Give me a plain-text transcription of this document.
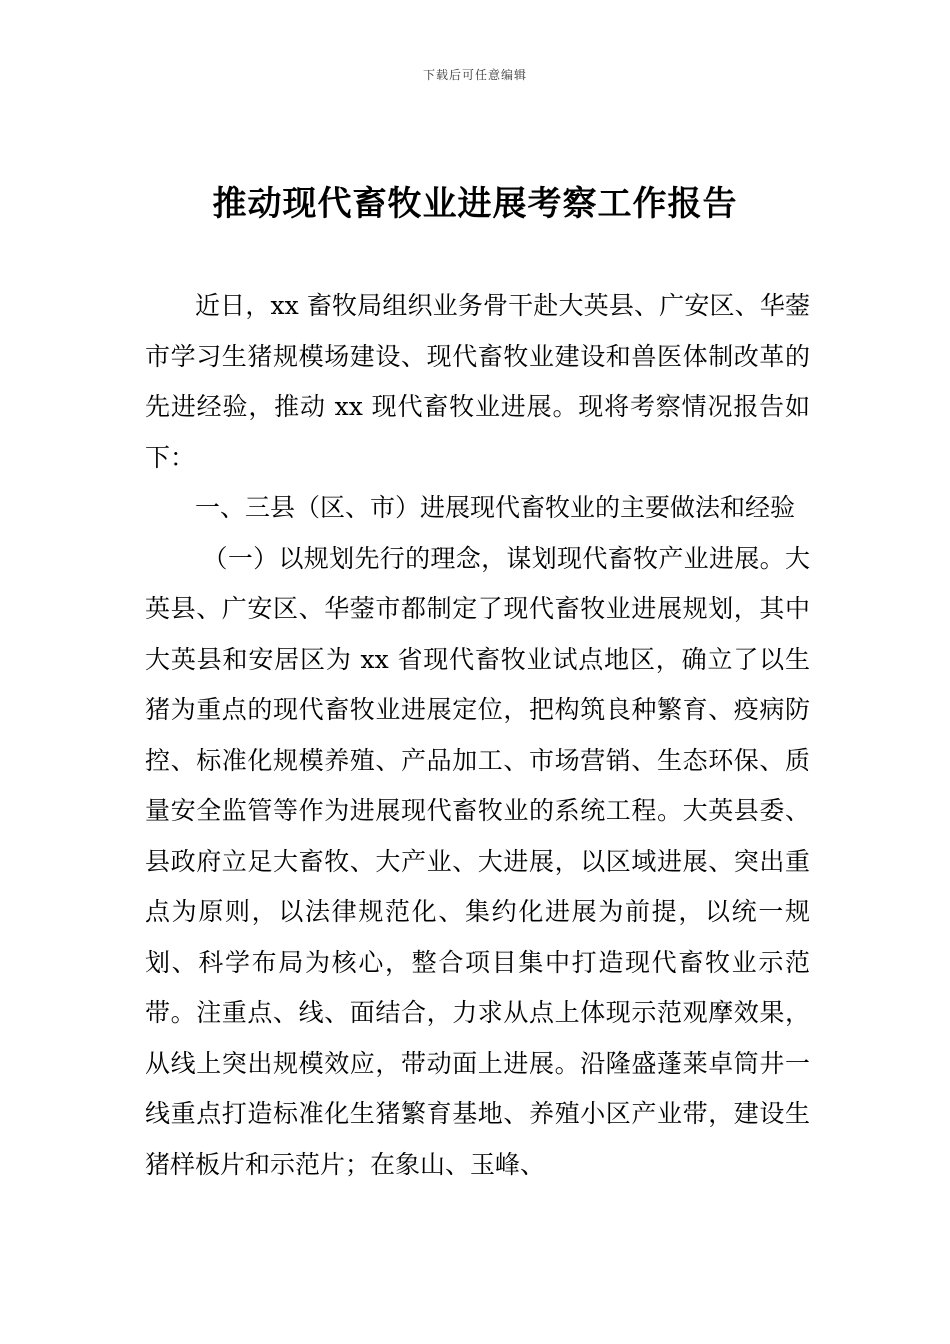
下载后可任意编辑
推动现代畜牧业进展考察工作报告

近日，xx 畜牧局组织业务骨干赴大英县、广安区、华蓥市学习生猪规模场建设、现代畜牧业建设和兽医体制改革的先进经验，推动 xx 现代畜牧业进展。现将考察情况报告如下：

一、三县（区、市）进展现代畜牧业的主要做法和经验

（一）以规划先行的理念，谋划现代畜牧产业进展。大英县、广安区、华蓥市都制定了现代畜牧业进展规划，其中大英县和安居区为 xx 省现代畜牧业试点地区，确立了以生猪为重点的现代畜牧业进展定位，把构筑良种繁育、疫病防控、标准化规模养殖、产品加工、市场营销、生态环保、质量安全监管等作为进展现代畜牧业的系统工程。大英县委、县政府立足大畜牧、大产业、大进展，以区域进展、突出重点为原则，以法律规范化、集约化进展为前提，以统一规划、科学布局为核心，整合项目集中打造现代畜牧业示范带。注重点、线、面结合，力求从点上体现示范观摩效果，从线上突出规模效应，带动面上进展。沿隆盛蓬莱卓筒井一线重点打造标准化生猪繁育基地、养殖小区产业带，建设生猪样板片和示范片；在象山、玉峰、
